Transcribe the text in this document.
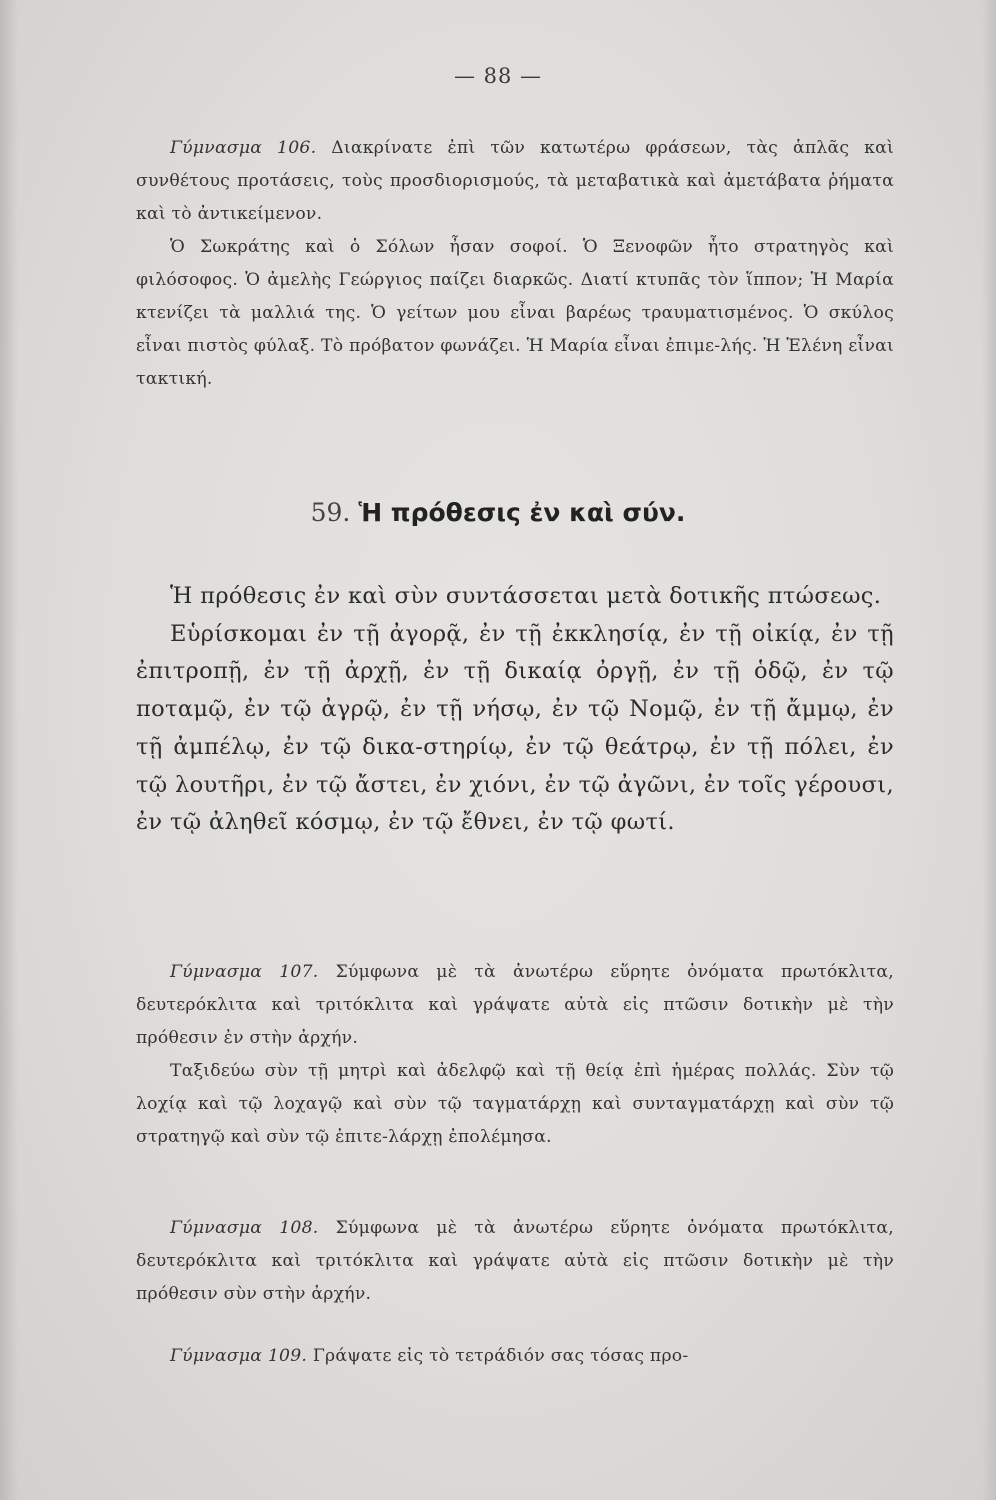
— 88 —

Γύμνασμα 106. Διακρίνατε ἐπὶ τῶν κατωτέρω φράσεων, τὰς ἁπλᾶς καὶ συνθέτους προτάσεις, τοὺς προσδιορισμούς, τὰ μεταβατικὰ καὶ ἀμετάβατα ῥήματα καὶ τὸ ἀντικείμενον.

Ὁ Σωκράτης καὶ ὁ Σόλων ἦσαν σοφοί. Ὁ Ξενοφῶν ἦτο στρατηγὸς καὶ φιλόσοφος. Ὁ ἀμελὴς Γεώργιος παίζει διαρκῶς. Διατί κτυπᾶς τὸν ἵππον; Ἡ Μαρία κτενίζει τὰ μαλλιά της. Ὁ γείτων μου εἶναι βαρέως τραυματισμένος. Ὁ σκύλος εἶναι πιστὸς φύλαξ. Τὸ πρόβατον φωνάζει. Ἡ Μαρία εἶναι ἐπιμε-λής. Ἡ Ἑλένη εἶναι τακτική.

59. Ἡ πρόθεσις ἐν καὶ σύν.

Ἡ πρόθεσις ἐν καὶ σὺν συντάσσεται μετὰ δοτικῆς πτώσεως.

Εὑρίσκομαι ἐν τῇ ἀγορᾷ, ἐν τῇ ἐκκλησίᾳ, ἐν τῇ οἰκίᾳ, ἐν τῇ ἐπιτροπῇ, ἐν τῇ ἀρχῇ, ἐν τῇ δικαίᾳ ὀργῇ, ἐν τῇ ὁδῷ, ἐν τῷ ποταμῷ, ἐν τῷ ἀγρῷ, ἐν τῇ νήσῳ, ἐν τῷ Νομῷ, ἐν τῇ ἄμμῳ, ἐν τῇ ἀμπέλῳ, ἐν τῷ δικα-στηρίῳ, ἐν τῷ θεάτρῳ, ἐν τῇ πόλει, ἐν τῷ λουτῆρι, ἐν τῷ ἄστει, ἐν χιόνι, ἐν τῷ ἀγῶνι, ἐν τοῖς γέρουσι, ἐν τῷ ἀληθεῖ κόσμῳ, ἐν τῷ ἔθνει, ἐν τῷ φωτί.

Γύμνασμα 107. Σύμφωνα μὲ τὰ ἀνωτέρω εὕρητε ὀνόματα πρωτόκλιτα, δευτερόκλιτα καὶ τριτόκλιτα καὶ γράψατε αὐτὰ εἰς πτῶσιν δοτικὴν μὲ τὴν πρόθεσιν ἐν στὴν ἀρχήν.

Ταξιδεύω σὺν τῇ μητρὶ καὶ ἀδελφῷ καὶ τῇ θείᾳ ἐπὶ ἡμέρας πολλάς. Σὺν τῷ λοχίᾳ καὶ τῷ λοχαγῷ καὶ σὺν τῷ ταγματάρχῃ καὶ συνταγματάρχῃ καὶ σὺν τῷ στρατηγῷ καὶ σὺν τῷ ἐπιτε-λάρχῃ ἐπολέμησα.

Γύμνασμα 108. Σύμφωνα μὲ τὰ ἀνωτέρω εὕρητε ὀνόματα πρωτόκλιτα, δευτερόκλιτα καὶ τριτόκλιτα καὶ γράψατε αὐτὰ εἰς πτῶσιν δοτικὴν μὲ τὴν πρόθεσιν σὺν στὴν ἀρχήν.

Γύμνασμα 109. Γράψατε εἰς τὸ τετράδιόν σας τόσας προ-
